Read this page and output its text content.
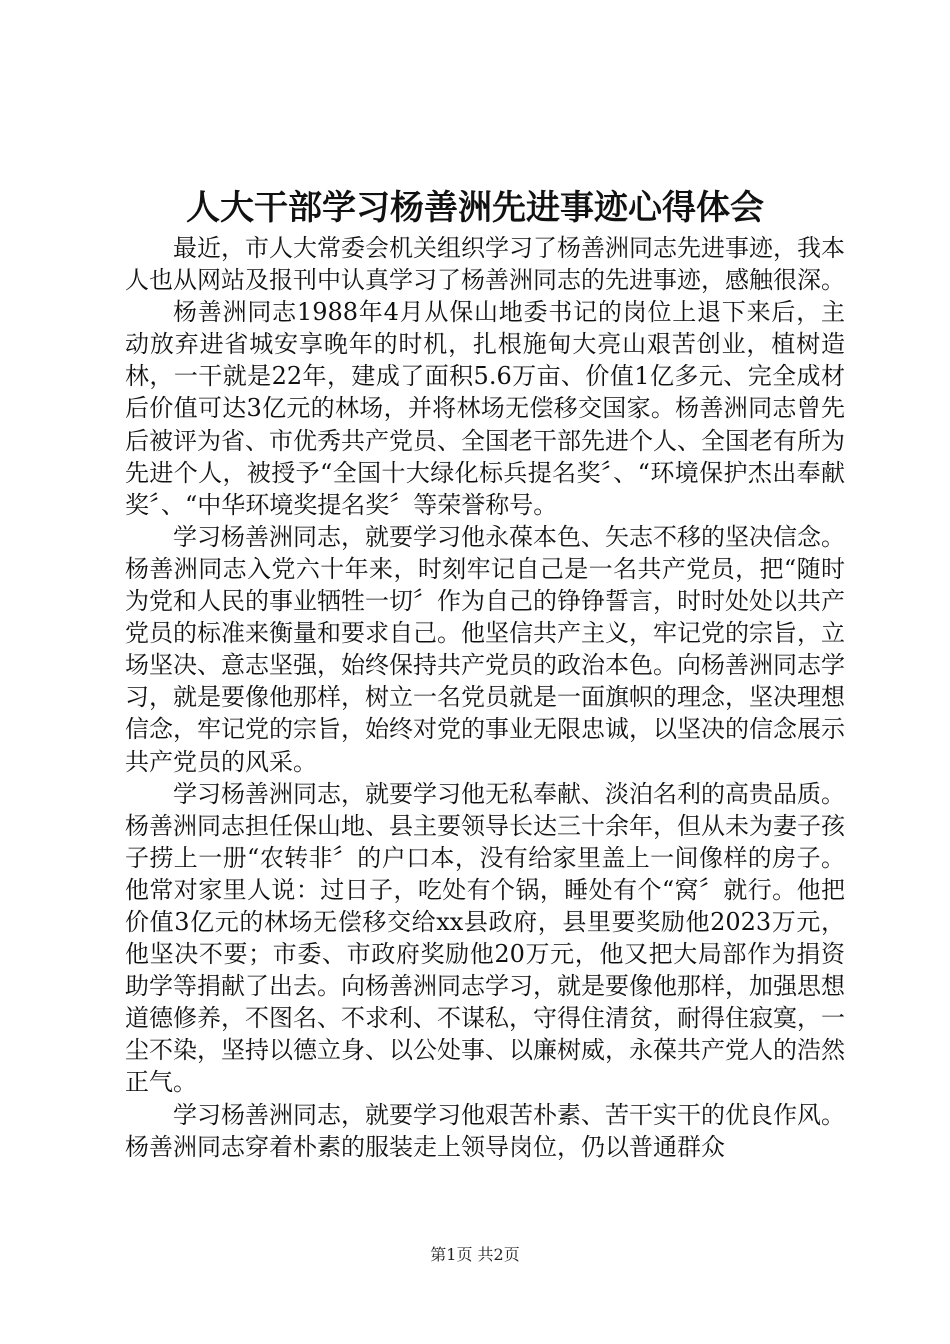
人大干部学习杨善洲先进事迹心得体会

最近，市人大常委会机关组织学习了杨善洲同志先进事迹，我本人也从网站及报刊中认真学习了杨善洲同志的先进事迹，感触很深。

杨善洲同志1988年4月从保山地委书记的岗位上退下来后，主动放弃进省城安享晚年的时机，扎根施甸大亮山艰苦创业，植树造林，一干就是22年，建成了面积5.6万亩、价值1亿多元、完全成材后价值可达3亿元的林场，并将林场无偿移交国家。杨善洲同志曾先后被评为省、市优秀共产党员、全国老干部先进个人、全国老有所为先进个人，被授予“全国十大绿化标兵提名奖〞、“环境保护杰出奉献奖〞、“中华环境奖提名奖〞等荣誉称号。

学习杨善洲同志，就要学习他永葆本色、矢志不移的坚决信念。杨善洲同志入党六十年来，时刻牢记自己是一名共产党员，把“随时为党和人民的事业牺牲一切〞作为自己的铮铮誓言，时时处处以共产党员的标准来衡量和要求自己。他坚信共产主义，牢记党的宗旨，立场坚决、意志坚强，始终保持共产党员的政治本色。向杨善洲同志学习，就是要像他那样，树立一名党员就是一面旗帜的理念，坚决理想信念，牢记党的宗旨，始终对党的事业无限忠诚，以坚决的信念展示共产党员的风采。

学习杨善洲同志，就要学习他无私奉献、淡泊名利的高贵品质。杨善洲同志担任保山地、县主要领导长达三十余年，但从未为妻子孩子捞上一册“农转非〞的户口本，没有给家里盖上一间像样的房子。他常对家里人说：过日子，吃处有个锅，睡处有个“窝〞就行。他把价值3亿元的林场无偿移交给xx县政府，县里要奖励他2023万元，他坚决不要；市委、市政府奖励他20万元，他又把大局部作为捐资助学等捐献了出去。向杨善洲同志学习，就是要像他那样，加强思想道德修养，不图名、不求利、不谋私，守得住清贫，耐得住寂寞，一尘不染，坚持以德立身、以公处事、以廉树威，永葆共产党人的浩然正气。

学习杨善洲同志，就要学习他艰苦朴素、苦干实干的优良作风。杨善洲同志穿着朴素的服装走上领导岗位，仍以普通群众

第1页 共2页
